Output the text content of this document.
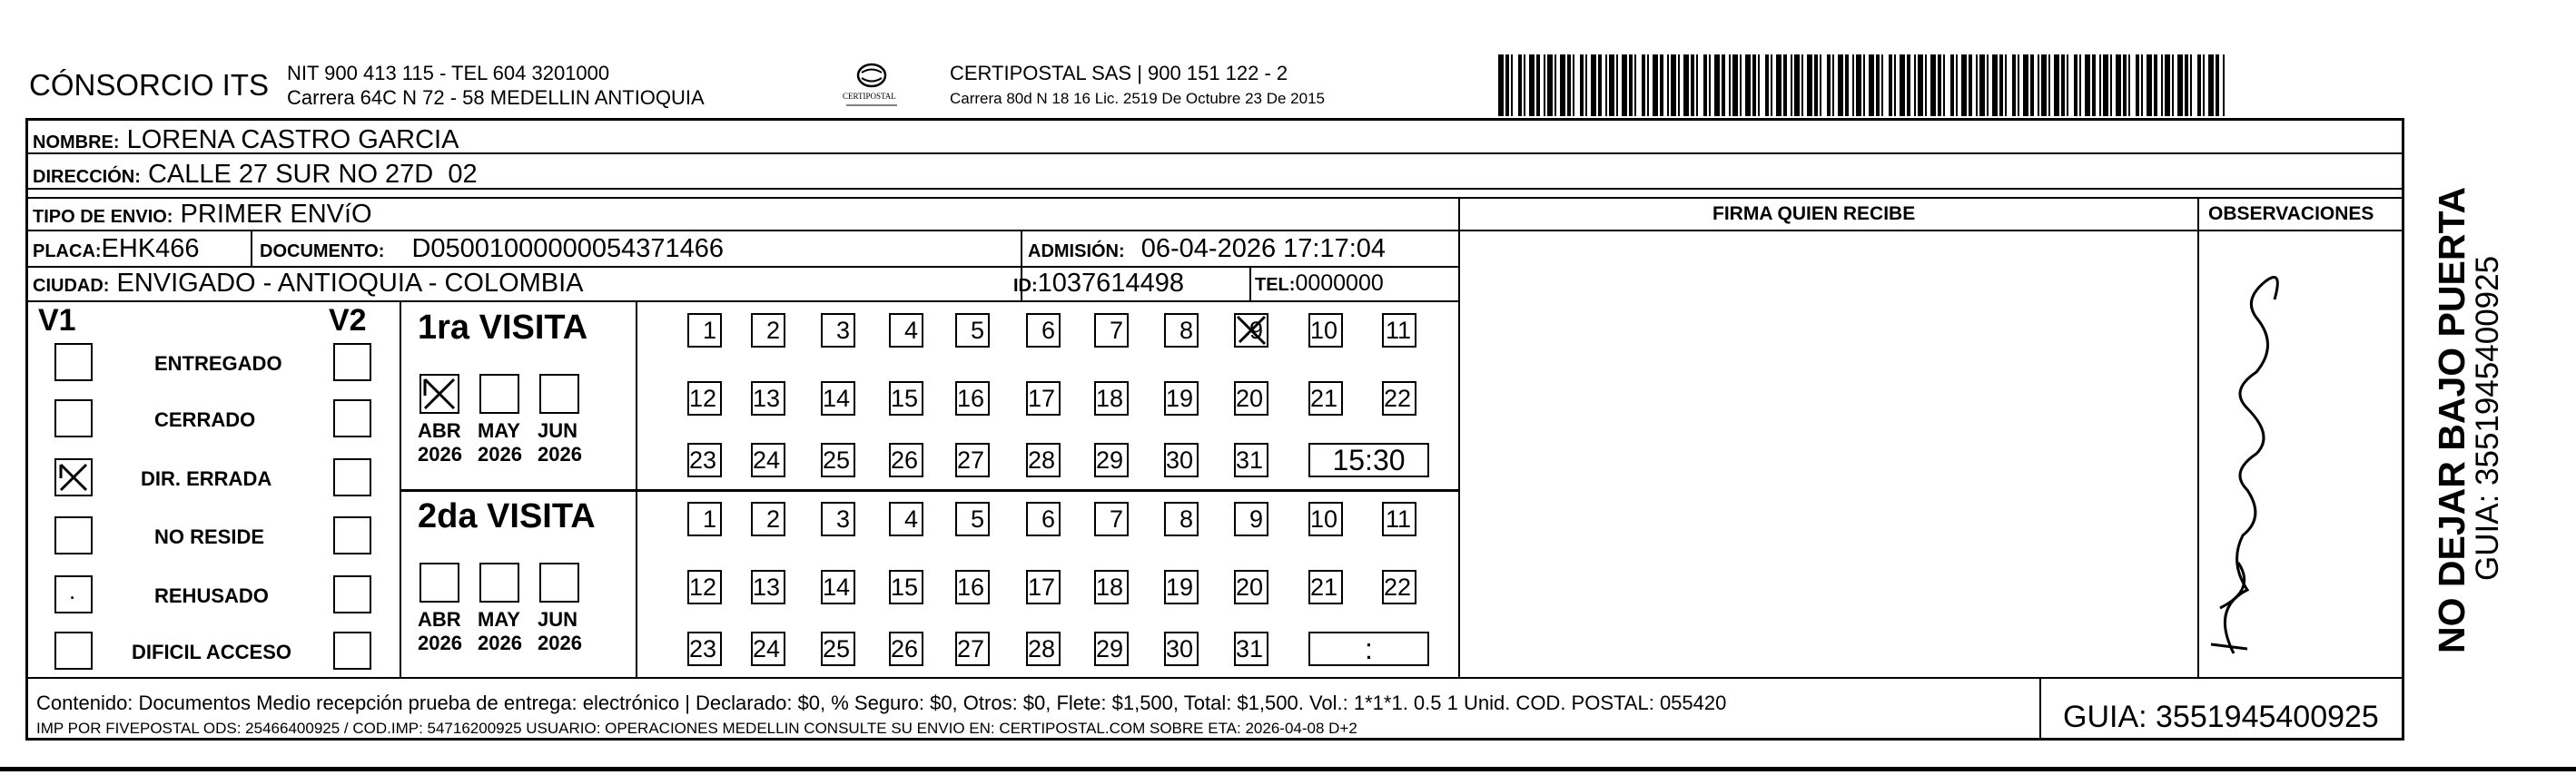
CÓNSORCIO ITS NIT 900 413 115 - TEL 604 3201000
Carrera 64C N 72 - 58 MEDELLIN ANTIOQUIA	CERTIPOSTAL
CERTIPOSTAL SAS | 900 151 122 - 2
Carrera 80d N 18 16 Lic. 2519 De Octubre 23 De 2015
FIRMA QUIEN RECIBE	OBSERVACIONES
NOMBRE: LORENA CASTRO GARCIA
DIRECCIÓN: CALLE 27 SUR NO 27D  02
TIPO DE ENVIO: PRIMER ENVíO
PLACA:EHK466	DOCUMENTO: D05001000000054371466	ADMISIÓN: 06-04-2026 17:17:04
CIUDAD: ENVIGADO - ANTIOQUIA - COLOMBIA	ID:1037614498	TEL:0000000
V1	V2
ENTREGADO
CERRADO
DIR. ERRADA
NO RESIDE
.	REHUSADO
DIFICIL ACCESO
1ra VISITA
ABR
2026
MAY
2026
JUN
2026
1	2	3	4	5	6	7	8	9 10 11
12 13 14 15 16 17 18 19 20 21 22
23 24 25 26 27 28 29 30 31	15:30
2da VISITA
ABR
2026
MAY
2026
JUN
2026
1	2	3	4	5	6	7	8	9 10 11
12 13 14 15 16 17 18 19 20 21 22
23 24 25 26 27 28 29 30 31	:
Contenido: Documentos Medio recepción prueba de entrega: electrónico | Declarado: $0, % Seguro: $0, Otros: $0, Flete: $1,500, Total: $1,500. Vol.: 1*1*1. 0.5 1 Unid. COD. POSTAL: 055420
IMP POR FIVEPOSTAL ODS: 25466400925 / COD.IMP: 54716200925 USUARIO: OPERACIONES MEDELLIN CONSULTE SU ENVIO EN: CERTIPOSTAL.COM SOBRE ETA: 2026-04-08 D+2	GUIA: 3551945400925
NO DEJAR BAJO PUERTA
GUIA: 3551945400925
